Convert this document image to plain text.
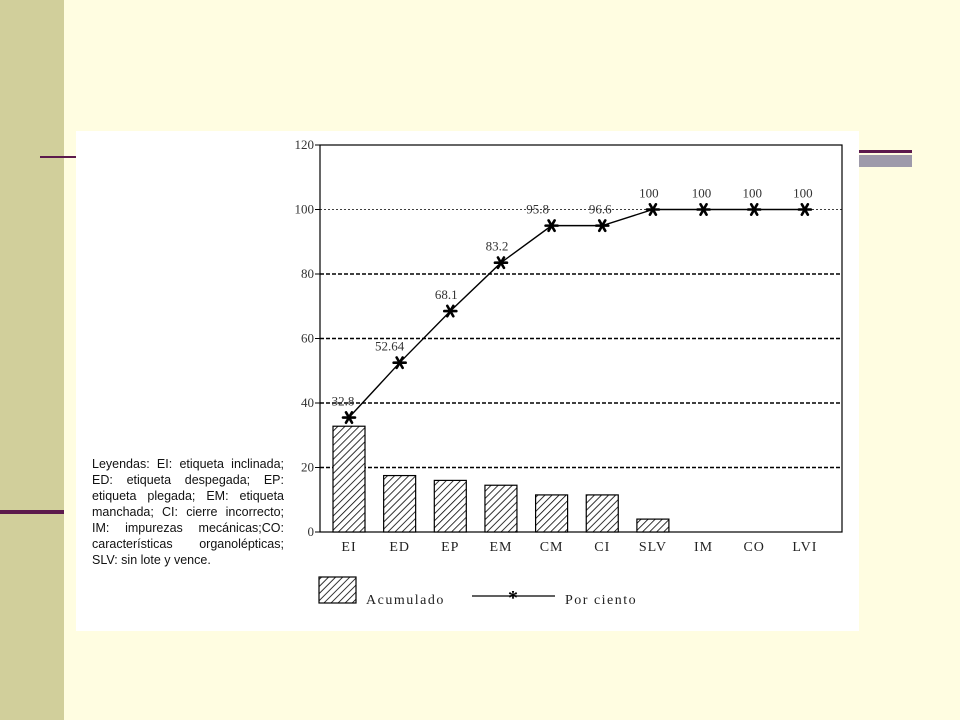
Leyendas: EI: etiqueta inclinada; ED: etiqueta despegada; EP: etiqueta plegada; EM: etiqueta manchada; CI: cierre incorrecto; IM: impurezas mecánicas;CO: características organolépticas; SLV: sin lote y vence.
0
20
40
60
80
100
120
32.8
52.64
68.1
83.2
95.8	96.6
100	100 100 100
EI ED EP EM CM CI SLV IM CO LVI
Acumulado	*	Por ciento
